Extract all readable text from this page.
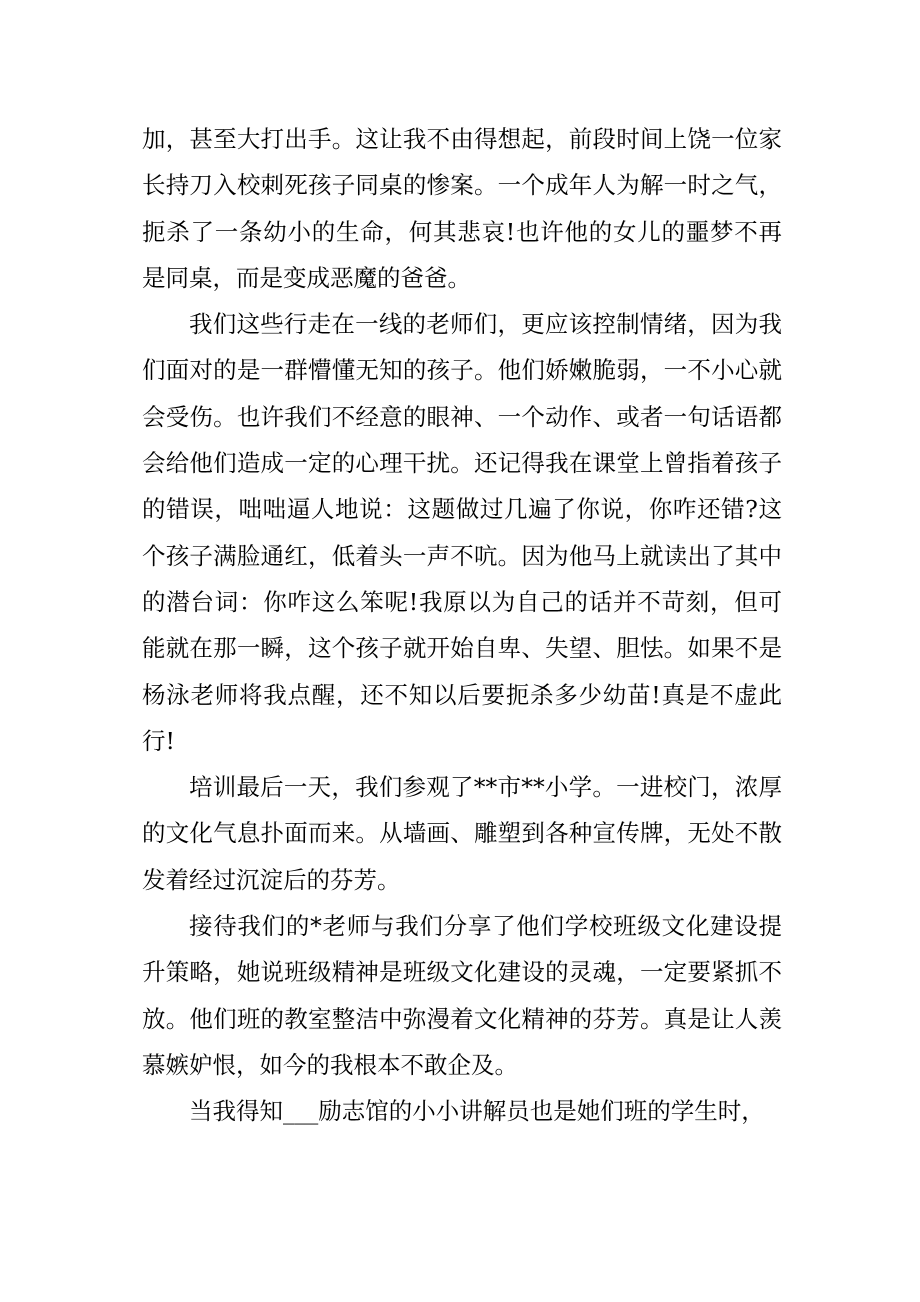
加，甚至大打出手。这让我不由得想起，前段时间上饶一位家长持刀入校刺死孩子同桌的惨案。一个成年人为解一时之气，扼杀了一条幼小的生命，何其悲哀!也许他的女儿的噩梦不再是同桌，而是变成恶魔的爸爸。

我们这些行走在一线的老师们，更应该控制情绪，因为我们面对的是一群懵懂无知的孩子。他们娇嫩脆弱，一不小心就会受伤。也许我们不经意的眼神、一个动作、或者一句话语都会给他们造成一定的心理干扰。还记得我在课堂上曾指着孩子的错误，咄咄逼人地说：这题做过几遍了你说，你咋还错?这个孩子满脸通红，低着头一声不吭。因为他马上就读出了其中的潜台词：你咋这么笨呢!我原以为自己的话并不苛刻，但可能就在那一瞬，这个孩子就开始自卑、失望、胆怯。如果不是杨泳老师将我点醒，还不知以后要扼杀多少幼苗!真是不虚此行!

培训最后一天，我们参观了**市**小学。一进校门，浓厚的文化气息扑面而来。从墙画、雕塑到各种宣传牌，无处不散发着经过沉淀后的芬芳。

接待我们的*老师与我们分享了他们学校班级文化建设提升策略，她说班级精神是班级文化建设的灵魂，一定要紧抓不放。他们班的教室整洁中弥漫着文化精神的芬芳。真是让人羡慕嫉妒恨，如今的我根本不敢企及。

当我得知___励志馆的小小讲解员也是她们班的学生时，
